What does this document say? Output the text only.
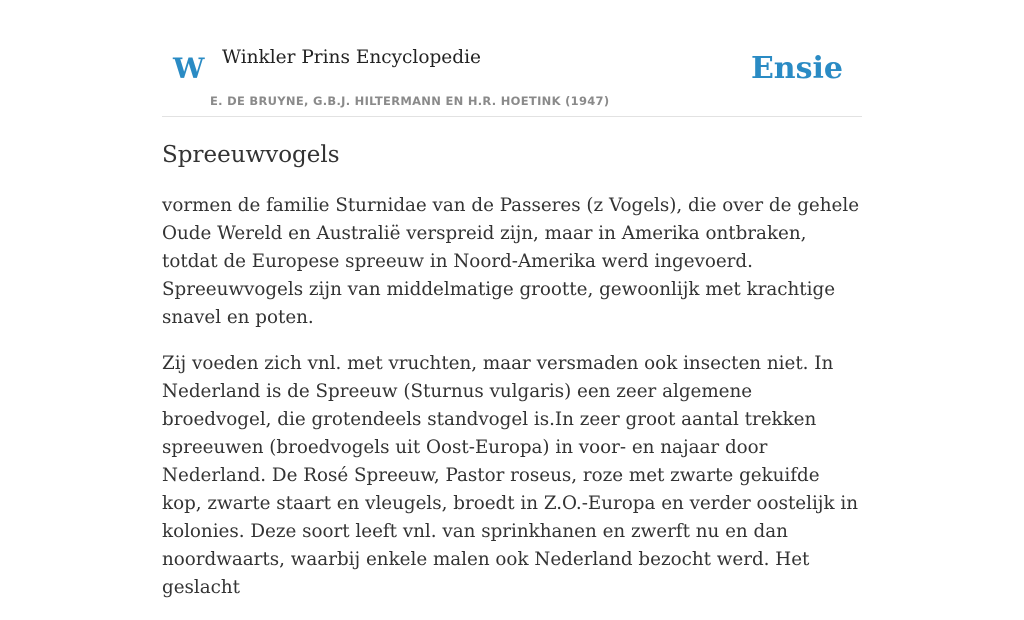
W Winkler Prins Encyclopedie
E. DE BRUYNE, G.B.J. HILTERMANN EN H.R. HOETINK (1947)
Ensie
Spreeuwvogels

vormen de familie Sturnidae van de Passeres (z Vogels), die over de gehele Oude Wereld en Australië verspreid zijn, maar in Amerika ontbraken, totdat de Europese spreeuw in Noord-Amerika werd ingevoerd. Spreeuwvogels zijn van middelmatige grootte, gewoonlijk met krachtige snavel en poten.

Zij voeden zich vnl. met vruchten, maar versmaden ook insecten niet. In Nederland is de Spreeuw (Sturnus vulgaris) een zeer algemene broedvogel, die grotendeels standvogel is.In zeer groot aantal trekken spreeuwen (broedvogels uit Oost-Europa) in voor- en najaar door Nederland. De Rosé Spreeuw, Pastor roseus, roze met zwarte gekuifde kop, zwarte staart en vleugels, broedt in Z.O.-Europa en verder oostelijk in kolonies. Deze soort leeft vnl. van sprinkhanen en zwerft nu en dan noordwaarts, waarbij enkele malen ook Nederland bezocht werd. Het geslacht
